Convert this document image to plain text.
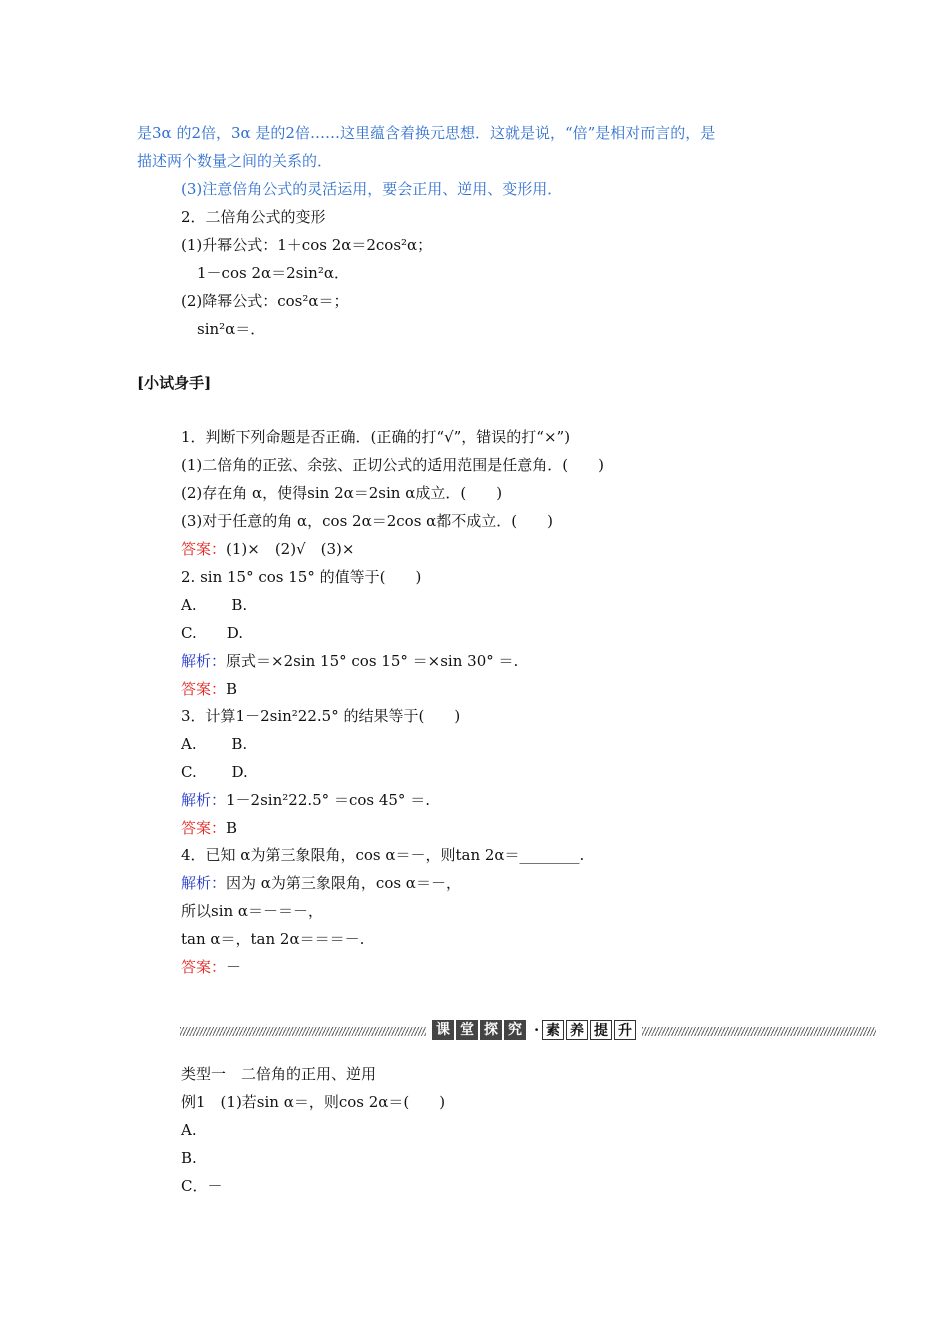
是3α 的2倍，3α 是的2倍……这里蕴含着换元思想．这就是说，“倍”是相对而言的，是
描述两个数量之间的关系的．
(3)注意倍角公式的灵活运用，要会正用、逆用、变形用．
2．二倍角公式的变形
(1)升幂公式：1＋cos 2α＝2cos²α；
1－cos 2α＝2sin²α．
(2)降幂公式：cos²α＝；
sin²α＝．
[小试身手]
1．判断下列命题是否正确．(正确的打“√”，错误的打“×”)
(1)二倍角的正弦、余弦、正切公式的适用范围是任意角．(　　)
(2)存在角 α，使得sin 2α＝2sin α成立．(　　)
(3)对于任意的角 α，cos 2α＝2cos α都不成立．(　　)
答案：(1)×　(2)√　(3)×
2. sin 15° cos 15° 的值等于(　　)
A.　　 B.
C.　　D.
解析：原式＝×2sin 15° cos 15° ＝×sin 30° ＝.
答案：B
3．计算1－2sin²22.5° 的结果等于(　　)
A.　　 B.
C.　　 D.
解析：1－2sin²22.5° ＝cos 45° ＝.
答案：B
4．已知 α为第三象限角，cos α＝－，则tan 2α＝________.
解析：因为 α为第三象限角，cos α＝－，
所以sin α＝－＝－，
tan α＝，tan 2α＝＝＝－.
答案：－
课 堂 探 究 · 素 养 提 升
类型一　二倍角的正用、逆用
例1　(1)若sin α＝，则cos 2α＝(　　)
A.
B.
C．－
